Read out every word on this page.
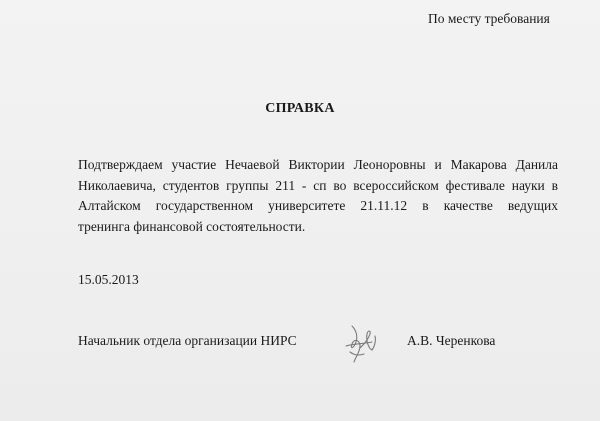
По месту требования
СПРАВКА
Подтверждаем участие Нечаевой Виктории Леоноровны и Макарова Данила
Николаевича, студентов группы 211 - сп во всероссийском фестивале науки в
Алтайском государственном университете 21.11.12 в качестве ведущих
тренинга финансовой состоятельности.
15.05.2013
Начальник отдела организации НИРС	А.В. Черенкова
